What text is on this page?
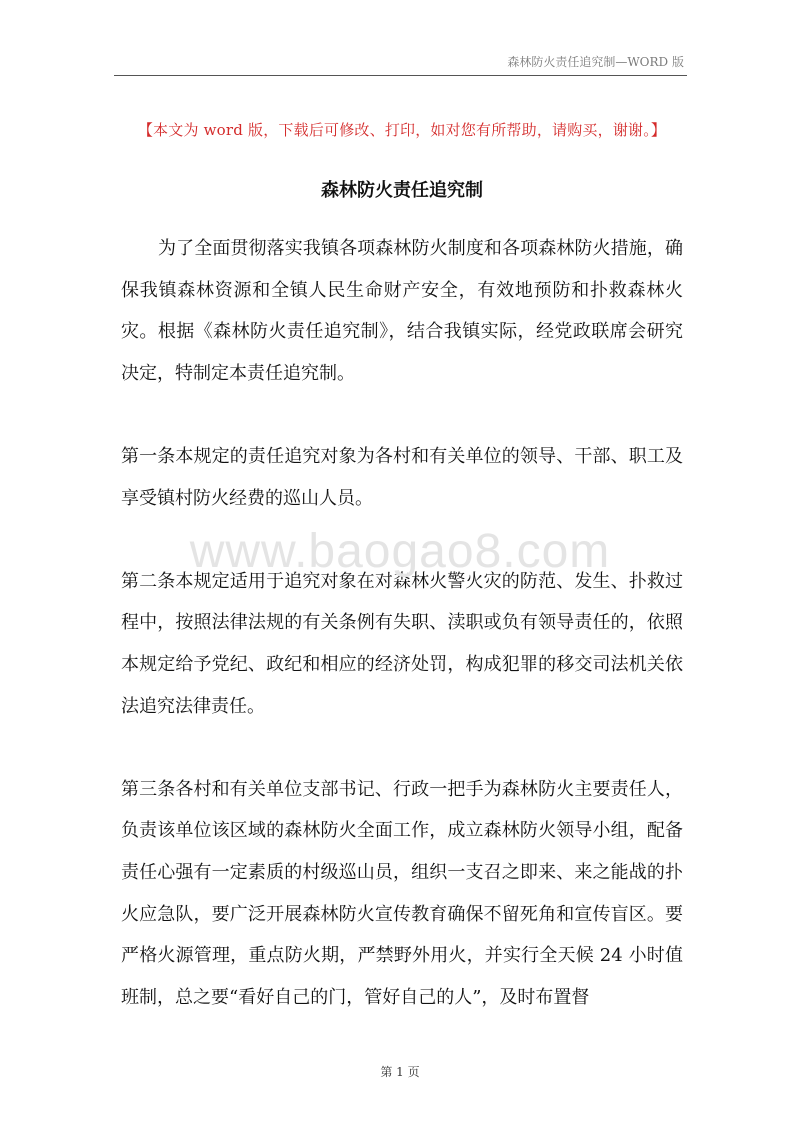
森林防火责任追究制—WORD 版
【本文为 word 版，下载后可修改、打印，如对您有所帮助，请购买，谢谢。】
森林防火责任追究制

为了全面贯彻落实我镇各项森林防火制度和各项森林防火措施，确保我镇森林资源和全镇人民生命财产安全，有效地预防和扑救森林火灾。根据《森林防火责任追究制》，结合我镇实际，经党政联席会研究决定，特制定本责任追究制。

第一条本规定的责任追究对象为各村和有关单位的领导、干部、职工及享受镇村防火经费的巡山人员。

第二条本规定适用于追究对象在对森林火警火灾的防范、发生、扑救过程中，按照法律法规的有关条例有失职、渎职或负有领导责任的，依照本规定给予党纪、政纪和相应的经济处罚，构成犯罪的移交司法机关依法追究法律责任。

第三条各村和有关单位支部书记、行政一把手为森林防火主要责任人，负责该单位该区域的森林防火全面工作，成立森林防火领导小组，配备责任心强有一定素质的村级巡山员，组织一支召之即来、来之能战的扑火应急队，要广泛开展森林防火宣传教育确保不留死角和宣传盲区。要严格火源管理，重点防火期，严禁野外用火，并实行全天候 24 小时值班制，总之要“看好自己的门，管好自己的人”，及时布置督

www.baogao8.com
第 1 页
